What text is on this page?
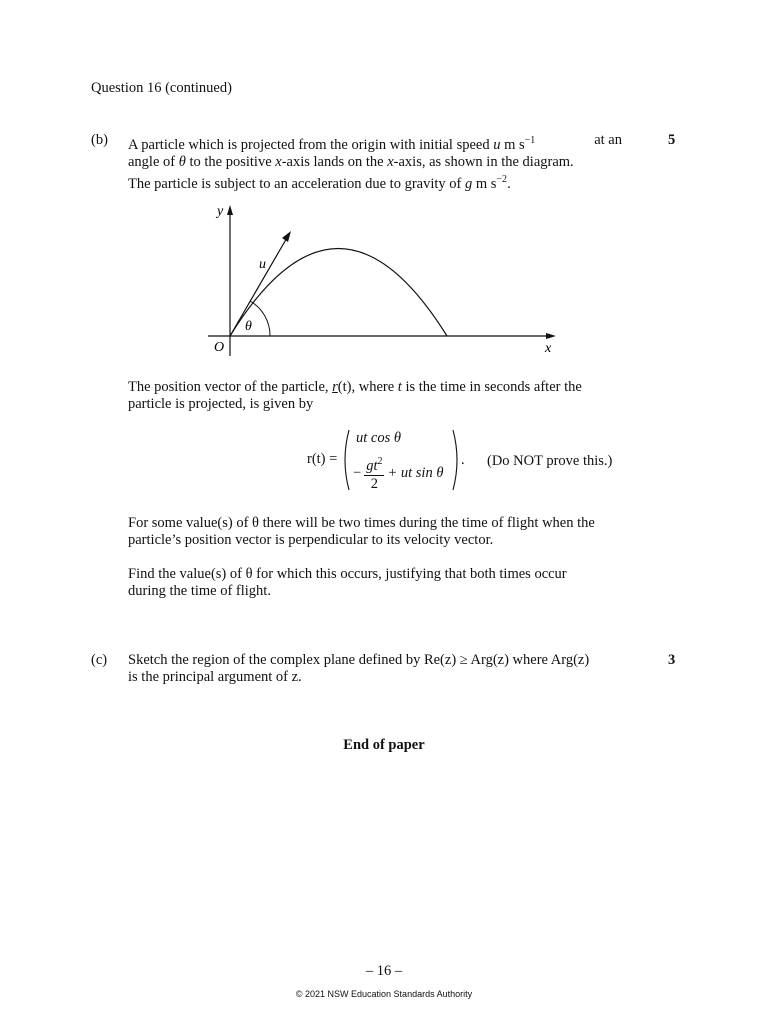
Question 16 (continued)
(b)	5
A particle which is projected from the origin with initial speed u m $s^{-1}$	at an
angle of θ to the positive x-axis lands on the x-axis, as shown in the diagram.
The particle is subject to an acceleration due to gravity of g m $s^{-2}$.
y
x
O
u
θ
The position vector of the particle, r(t), where t is the time in seconds after the
particle is projected, is given by
r(t) =
ut cos θ
− $\frac{gt^2}{2}$ + ut sin θ
. (Do NOT prove this.)
For some value(s) of θ there will be two times during the time of flight when the
particle’s position vector is perpendicular to its velocity vector.
Find the value(s) of θ for which this occurs, justifying that both times occur
during the time of flight.
(c)	3
Sketch the region of the complex plane defined by Re(z) ≥ Arg(z) where Arg(z)
is the principal argument of z.
End of paper
– 16 –
© 2021 NSW Education Standards Authority
